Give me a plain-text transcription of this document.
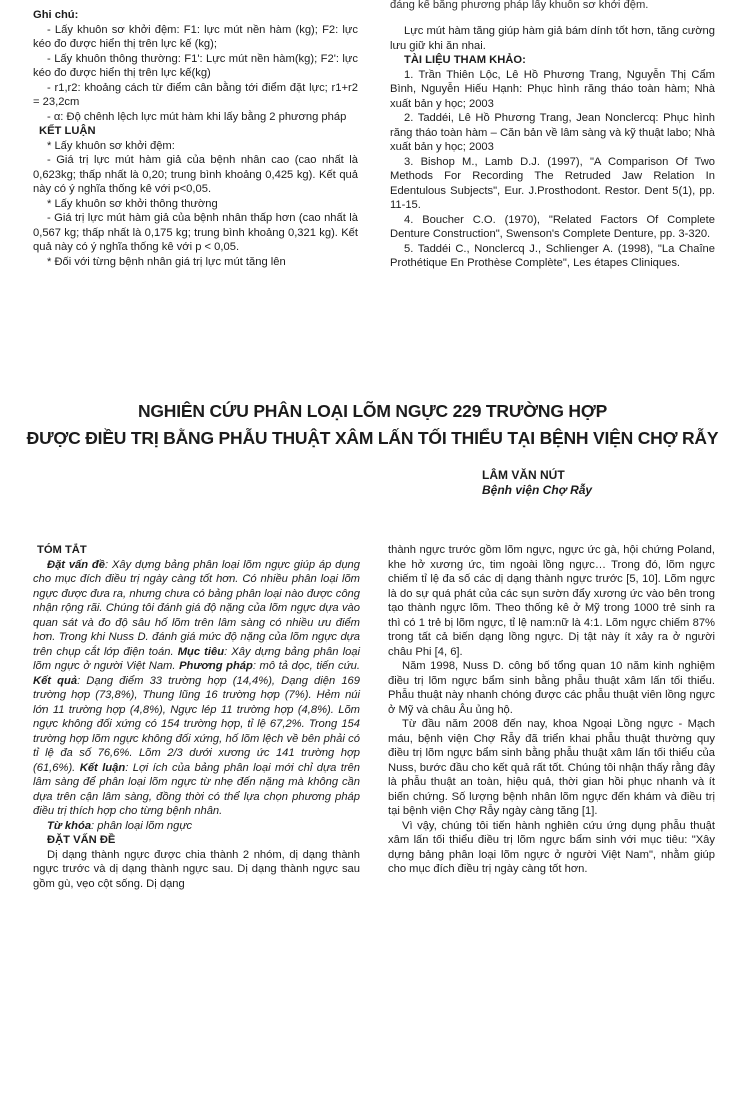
Ghi chú:

- Lấy khuôn sơ khởi đệm: F1: lực mút nền hàm (kg); F2: lực kéo đo được hiển thị trên lực kế (kg);

- Lấy khuôn thông thường: F1': Lực mút nền hàm(kg); F2': lực kéo đo được hiển thị trên lực kế(kg)

- r1,r2: khoảng cách từ điểm cân bằng tới điểm đặt lực; r1+r2 = 23,2cm

- α: Độ chênh lệch lực mút hàm khi lấy bằng 2 phương pháp

KẾT LUẬN

* Lấy khuôn sơ khởi đệm:

- Giá trị lực mút hàm giả của bệnh nhân cao (cao nhất là 0,623kg; thấp nhất là 0,20; trung bình khoảng 0,425 kg). Kết quả này có ý nghĩa thống kê với p<0,05.

* Lấy khuôn sơ khởi thông thường

- Giá trị lực mút hàm giả của bệnh nhân thấp hơn (cao nhất là 0,567 kg; thấp nhất là 0,175 kg; trung bình khoảng 0,321 kg). Kết quả này có ý nghĩa thống kê với p < 0,05.

* Đối với từng bệnh nhân giá trị lực mút tăng lên

đáng kể bằng phương pháp lấy khuôn sơ khởi đệm.

Lực mút hàm tăng giúp hàm giả bám dính tốt hơn, tăng cường lưu giữ khi ăn nhai.

TÀI LIỆU THAM KHẢO:

1. Trần Thiên Lộc, Lê Hồ Phương Trang, Nguyễn Thị Cẩm Bình, Nguyễn Hiếu Hạnh: Phục hình răng tháo toàn hàm; Nhà xuất bản y học; 2003

2. Taddéi, Lê Hồ Phương Trang, Jean Nonclercq: Phục hình răng tháo toàn hàm – Căn bản về lâm sàng và kỹ thuật labo; Nhà xuất bản y học; 2003

3. Bishop M., Lamb D.J. (1997), "A Comparison Of Two Methods For Recording The Retruded Jaw Relation In Edentulous Subjects", Eur. J.Prosthodont. Restor. Dent 5(1), pp. 11-15.

4. Boucher C.O. (1970), "Related Factors Of Complete Denture Construction", Swenson's Complete Denture, pp. 3-320.

5. Taddéi C., Nonclercq J., Schlienger A. (1998), "La Chaîne Prothétique En Prothèse Complète", Les étapes Cliniques.

NGHIÊN CỨU PHÂN LOẠI LÕM NGỰC 229 TRƯỜNG HỢP
ĐƯỢC ĐIỀU TRỊ BẰNG PHẪU THUẬT XÂM LẤN TỐI THIỂU TẠI BỆNH VIỆN CHỢ RẪY
LÂM VĂN NÚT
Bệnh viện Chợ Rẫy

TÓM TẮT

Đặt vấn đề: Xây dựng bảng phân loại lõm ngực giúp áp dụng cho mục đích điều trị ngày càng tốt hơn. Có nhiều phân loại lõm ngực được đưa ra, nhưng chưa có bảng phân loại nào được công nhận rộng rãi. Chúng tôi đánh giá độ nặng của lõm ngực dựa vào quan sát và đo độ sâu hố lõm trên lâm sàng có nhiều ưu điểm hơn. Trong khi Nuss D. đánh giá mức độ nặng của lõm ngực dựa trên chụp cắt lớp điện toán. Mục tiêu: Xây dựng bảng phân loại lõm ngực ở người Việt Nam. Phương pháp: mô tả dọc, tiến cứu. Kết quả: Dạng điểm 33 trường hợp (14,4%), Dạng diện 169 trường hợp (73,8%), Thung lũng 16 trường hợp (7%). Hẻm núi lớn 11 trường hợp (4,8%), Ngực lép 11 trường hợp (4,8%). Lõm ngực không đối xứng có 154 trường hợp, tỉ lệ 67,2%. Trong 154 trường hợp lõm ngực không đối xứng, hố lõm lệch về bên phải có tỉ lệ đa số 76,6%. Lõm 2/3 dưới xương ức 141 trường hợp (61,6%). Kết luận: Lợi ích của bảng phân loại mới chỉ dựa trên lâm sàng để phân loại lõm ngực từ nhẹ đến nặng mà không cần dựa trên cận lâm sàng, đồng thời có thể lựa chọn phương pháp điều trị thích hợp cho từng bệnh nhân.

Từ khóa: phân loại lõm ngực

ĐẶT VẤN ĐỀ

Dị dạng thành ngực được chia thành 2 nhóm, dị dạng thành ngực trước và dị dạng thành ngực sau. Dị dạng thành ngực sau gồm gù, vẹo cột sống. Dị dạng

thành ngực trước gồm lõm ngực, ngực ức gà, hội chứng Poland, khe hở xương ức, tim ngoài lồng ngực… Trong đó, lõm ngực chiếm tỉ lệ đa số các dị dạng thành ngực trước [5, 10]. Lõm ngực là do sự quá phát của các sụn sườn đẩy xương ức vào bên trong tạo thành ngực lõm. Theo thống kê ở Mỹ trong 1000 trẻ sinh ra thì có 1 trẻ bị lõm ngực, tỉ lệ nam:nữ là 4:1. Lõm ngực chiếm 87% trong tất cả biến dạng lồng ngực. Dị tật này ít xảy ra ở người châu Phi [4, 6].

Năm 1998, Nuss D. công bố tổng quan 10 năm kinh nghiệm điều trị lõm ngực bẩm sinh bằng phẫu thuật xâm lấn tối thiểu. Phẫu thuật này nhanh chóng được các phẫu thuật viên lồng ngực ở Mỹ và châu Âu ủng hộ.

Từ đầu năm 2008 đến nay, khoa Ngoại Lồng ngực - Mạch máu, bệnh viện Chợ Rẫy đã triển khai phẫu thuật thường quy điều trị lõm ngực bẩm sinh bằng phẫu thuật xâm lấn tối thiểu của Nuss, bước đầu cho kết quả rất tốt. Chúng tôi nhận thấy rằng đây là phẫu thuật an toàn, hiệu quả, thời gian hồi phục nhanh và ít biến chứng. Số lượng bệnh nhân lõm ngực đến khám và điều trị tại bệnh viện Chợ Rẫy ngày càng tăng [1].

Vì vậy, chúng tôi tiến hành nghiên cứu ứng dụng phẫu thuật xâm lấn tối thiểu điều trị lõm ngực bẩm sinh với mục tiêu: "Xây dựng bảng phân loại lõm ngực ở người Việt Nam", nhằm giúp cho mục đích điều trị ngày càng tốt hơn.
